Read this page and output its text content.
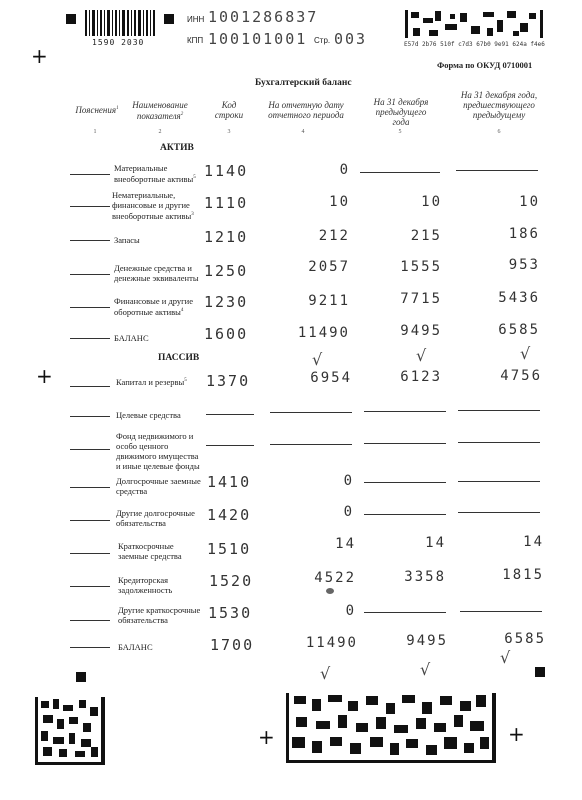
1590 2030
ИНН 1001286837
КПП 100101001 Стр. 003	E57d 2b76 510f c7d3 67b0 9e91 624a f4e6
+	Форма по ОКУД 0710001
Бухгалтерский баланс
Пояснения$^1$	Наименование показателя$^2$
Код строки
На отчетную дату отчетного периода
На 31 декабря предыдущего года
На 31 декабря года, предшествующего предыдущему
1	2	3	4	5	6
АКТИВ
Материальные внеоборотные активы$^5$ 1140	0
Нематериальные, финансовые и другие внеоборотные активы$^3$
1110	10	10	10
Запасы	1210	212	215	186
Денежные средства и денежные эквиваленты 1250	2057	1555	953
Финансовые и другие оборотные активы$^4$	1230	9211	7715	5436
БАЛАНС	1600	11490	9495	6585
ПАССИВ	√	√	√
+	Капитал и резервы$^5$	1370	6954	6123	4756
Целевые средства
Фонд недвижимого и особо ценного движимого имущества и иные целевые фонды
Долгосрочные заемные средства	1410	0
Другие долгосрочные обязательства	1420	0
Краткосрочные заемные средства	1510	14	14	14
Кредиторская задолженность	1520	4522	3358	1815
Другие краткосрочные обязательства	1530	0
БАЛАНС	1700	11490	9495	6585
√	√
√
+	+
